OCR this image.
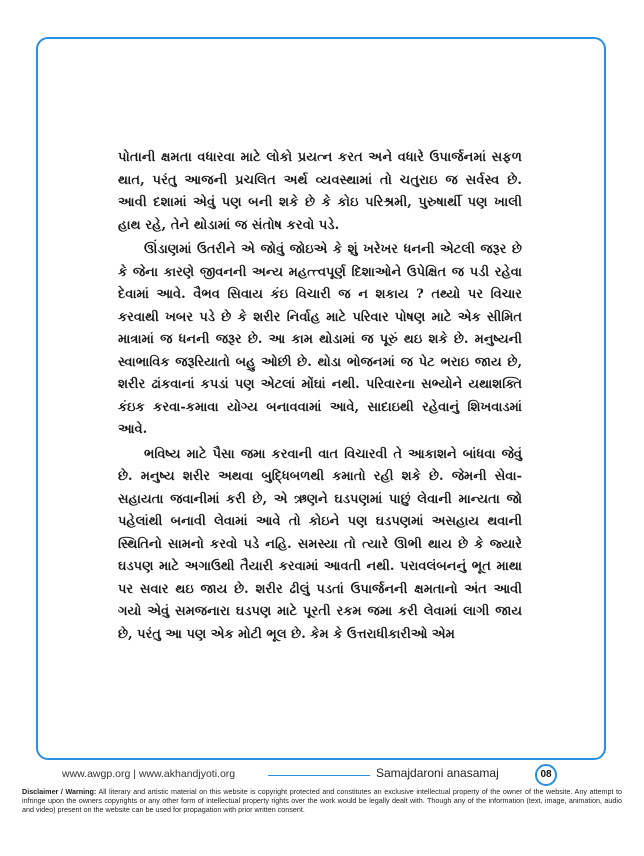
પોતાની ક્ષમતા વધારવા માટે લોકો પ્રયત્ન કરત અને વધારે ઉપાર્જનમાં સફળ થાત, પરંતુ આજની પ્રચલિત અર્થ વ્યવસ્થામાં તો ચતુરાઇ જ સર્વસ્વ છે. આવી દશામાં એવું પણ બની શકે છે કે કોઇ પરિશ્રમી, પુરુષાર્થી પણ ખાલી હાથ રહે, તેને થોડામાં જ સંતોષ કરવો પડે.

ઊંડાણમાં ઉતરીને એ જોવું જોઇએ કે શું ખરેખર ધનની એટલી જરૂર છે કે જેના કારણે જીવનની અન્ય મહત્ત્વપૂર્ણ દિશાઓને ઉપેક્ષિત જ પડી રહેવા દેવામાં આવે. વૈભવ સિવાય કંઇ વિચારી જ ન શકાય ? તથ્યો પર વિચાર કરવાથી ખબર પડે છે કે શરીર નિર્વાહ માટે પરિવાર પોષણ માટે એક સીમિત માત્રામાં જ ધનની જરૂર છે. આ કામ થોડામાં જ પૂરું થઇ શકે છે. મનુષ્યની સ્વાભાવિક જરૂરિયાતો બહુ ઓછી છે. થોડા ભોજનમાં જ પેટ ભરાઇ જાય છે, શરીર ઢાંકવાનાં કપડાં પણ એટલાં મોંઘાં નથી. પરિવારના સભ્યોને યથાશક્તિ કંઇક કરવા-કમાવા યોગ્ય બનાવવામાં આવે, સાદાઇથી રહેવાનું શિખવાડમાં આવે.

ભવિષ્ય માટે પૈસા જમા કરવાની વાત વિચારવી તે આકાશને બાંધવા જેવું છે. મનુષ્ય શરીર અથવા બુદ્ધિબળથી કમાતો રહી શકે છે. જેમની સેવા-સહાયતા જવાનીમાં કરી છે, એ ઋણને ઘડપણમાં પાછું લેવાની માન્યતા જો પહેલાંથી બનાવી લેવામાં આવે તો કોઇને પણ ઘડપણમાં અસહાય થવાની સ્થિતિનો સામનો કરવો પડે નહિ. સમસ્યા તો ત્યારે ઊભી થાય છે કે જ્યારે ઘડપણ માટે અગાઉથી તૈયારી કરવામાં આવતી નથી. પરાવલંબનનું ભૂત માથા પર સવાર થઇ જાય છે. શરીર ઢીલું પડતાં ઉપાર્જનની ક્ષમતાનો અંત આવી ગયો એવું સમજનારા ઘડપણ માટે પૂરતી રકમ જમા કરી લેવામાં લાગી જાય છે, પરંતુ આ પણ એક મોટી ભૂલ છે. કેમ કે ઉત્તરાધીકારીઓ એમ

www.awgp.org | www.akhandjyoti.org	Samajdaroni anasamaj	08
Disclaimer / Warning: All literary and artistic material on this website is copyright protected and constitutes an exclusive intellectual property of the owner of the website. Any attempt to infringe upon the owners copyrights or any other form of intellectual property rights over the work would be legally dealt with. Though any of the information (text, image, animation, audio and video) present on the website can be used for propagation with prior written consent.
